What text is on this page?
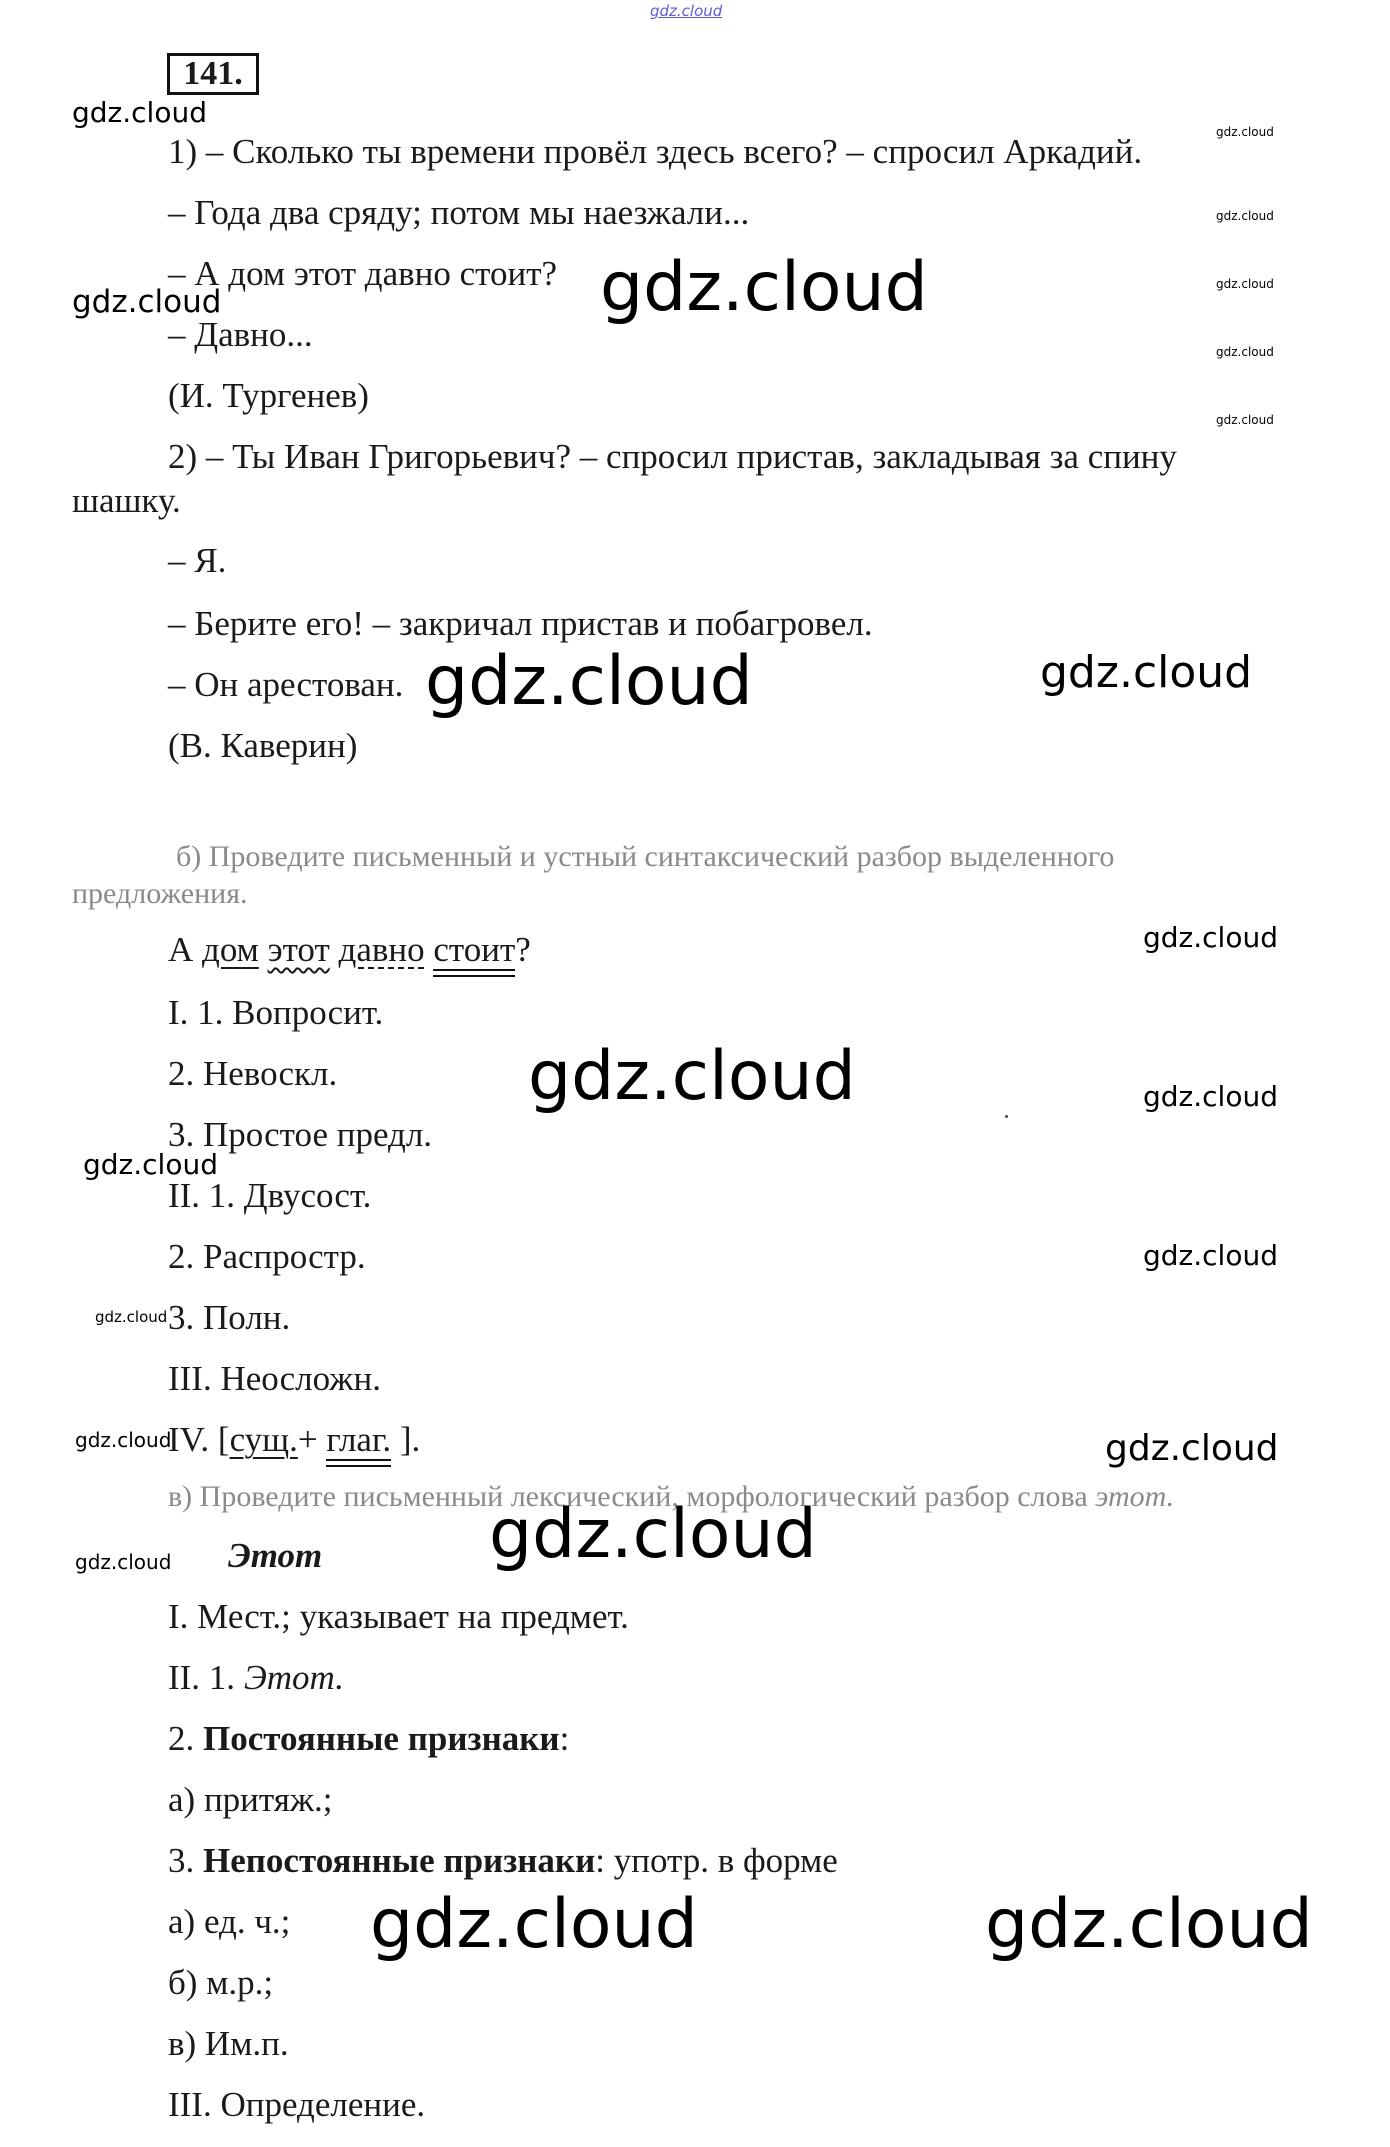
gdz.cloud
141.
1) – Сколько ты времени провёл здесь всего? – спросил Аркадий.
– Года два сряду; потом мы наезжали...
– А дом этот давно стоит?
– Давно...
(И. Тургенев)
2) – Ты Иван Григорьевич? – спросил пристав, закладывая за спину
шашку.
– Я.
– Берите его! – закричал пристав и побагровел.
– Он арестован.
(В. Каверин)
б) Проведите письменный и устный синтаксический разбор выделенного
предложения.
А дом этот давно стоит?
I. 1. Вопросит.
2. Невоскл.
3. Простое предл.
II. 1. Двусост.
2. Распростр.
3. Полн.
III. Неосложн.
IV. [сущ.+ глаг. ].
в) Проведите письменный лексический, морфологический разбор слова этот.
Этот
I. Мест.; указывает на предмет.
II. 1. Этот.
2. Постоянные признаки:
а) притяж.;
3. Непостоянные признаки: употр. в форме
а) ед. ч.;
б) м.р.;
в) Им.п.
III. Определение.
gdz.cloud
gdz.cloud
gdz.cloud
gdz.cloud
gdz.cloud
gdz.cloud
gdz.cloud	gdz.cloud
gdz.cloud	gdz.cloud
gdz.cloud
gdz.cloud	gdz.cloud
gdz.cloud
gdz.cloud
gdz.cloud
gdz.cloud	gdz.cloud
gdz.cloud
gdz.cloud
gdz.cloud	gdz.cloud
